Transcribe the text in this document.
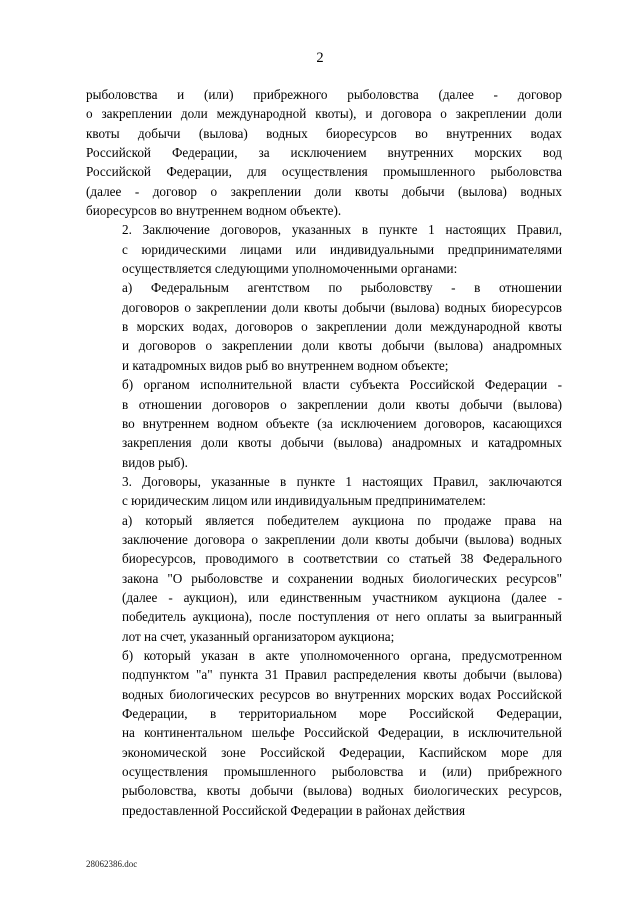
2

рыболовства и (или) прибрежного рыболовства (далее - договор
о закреплении доли международной квоты), и договора о закреплении доли
квоты добычи (вылова) водных биоресурсов во внутренних водах
Российской Федерации, за исключением внутренних морских вод
Российской Федерации, для осуществления промышленного рыболовства
(далее - договор о закреплении доли квоты добычи (вылова) водных
биоресурсов во внутреннем водном объекте).

2. Заключение договоров, указанных в пункте 1 настоящих Правил,
с юридическими лицами или индивидуальными предпринимателями
осуществляется следующими уполномоченными органами:

а) Федеральным агентством по рыболовству - в отношении
договоров о закреплении доли квоты добычи (вылова) водных биоресурсов
в морских водах, договоров о закреплении доли международной квоты
и договоров о закреплении доли квоты добычи (вылова) анадромных
и катадромных видов рыб во внутреннем водном объекте;

б) органом исполнительной власти субъекта Российской Федерации -
в отношении договоров о закреплении доли квоты добычи (вылова)
во внутреннем водном объекте (за исключением договоров, касающихся
закрепления доли квоты добычи (вылова) анадромных и катадромных
видов рыб).

3. Договоры, указанные в пункте 1 настоящих Правил, заключаются
с юридическим лицом или индивидуальным предпринимателем:

а) который является победителем аукциона по продаже права на
заключение договора о закреплении доли квоты добычи (вылова) водных
биоресурсов, проводимого в соответствии со статьей 38 Федерального
закона "О рыболовстве и сохранении водных биологических ресурсов"
(далее - аукцион), или единственным участником аукциона (далее -
победитель аукциона), после поступления от него оплаты за выигранный
лот на счет, указанный организатором аукциона;

б) который указан в акте уполномоченного органа, предусмотренном
подпунктом "а" пункта 31 Правил распределения квоты добычи (вылова)
водных биологических ресурсов во внутренних морских водах Российской
Федерации, в территориальном море Российской Федерации,
на континентальном шельфе Российской Федерации, в исключительной
экономической зоне Российской Федерации, Каспийском море для
осуществления промышленного рыболовства и (или) прибрежного
рыболовства, квоты добычи (вылова) водных биологических ресурсов,
предоставленной Российской Федерации в районах действия

28062386.doc
